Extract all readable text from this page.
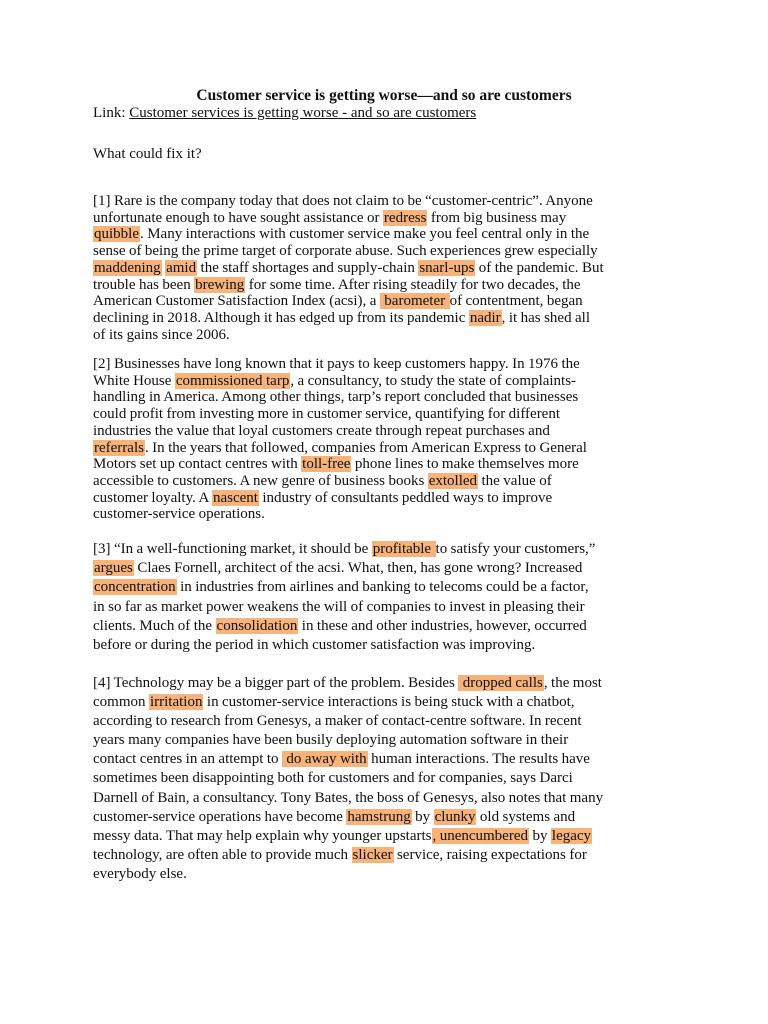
Customer service is getting worse—and so are customers
Link: Customer services is getting worse - and so are customers
What could fix it?
[1] Rare is the company today that does not claim to be “customer-centric”. Anyone
unfortunate enough to have sought assistance or redress from big business may
quibble. Many interactions with customer service make you feel central only in the
sense of being the prime target of corporate abuse. Such experiences grew especially
maddening amid the staff shortages and supply-chain snarl-ups of the pandemic. But
trouble has been brewing for some time. After rising steadily for two decades, the
American Customer Satisfaction Index (acsi), a  barometer of contentment, began
declining in 2018. Although it has edged up from its pandemic nadir, it has shed all
of its gains since 2006.
[2] Businesses have long known that it pays to keep customers happy. In 1976 the
White House commissioned tarp, a consultancy, to study the state of complaints-
handling in America. Among other things, tarp’s report concluded that businesses
could profit from investing more in customer service, quantifying for different
industries the value that loyal customers create through repeat purchases and
referrals. In the years that followed, companies from American Express to General
Motors set up contact centres with toll-free phone lines to make themselves more
accessible to customers. A new genre of business books extolled the value of
customer loyalty. A nascent industry of consultants peddled ways to improve
customer-service operations.
[3] “In a well-functioning market, it should be profitable to satisfy your customers,”
argues Claes Fornell, architect of the acsi. What, then, has gone wrong? Increased
concentration in industries from airlines and banking to telecoms could be a factor,
in so far as market power weakens the will of companies to invest in pleasing their
clients. Much of the consolidation in these and other industries, however, occurred
before or during the period in which customer satisfaction was improving.
[4] Technology may be a bigger part of the problem. Besides  dropped calls, the most
common irritation in customer-service interactions is being stuck with a chatbot,
according to research from Genesys, a maker of contact-centre software. In recent
years many companies have been busily deploying automation software in their
contact centres in an attempt to  do away with human interactions. The results have
sometimes been disappointing both for customers and for companies, says Darci
Darnell of Bain, a consultancy. Tony Bates, the boss of Genesys, also notes that many
customer-service operations have become hamstrung by clunky old systems and
messy data. That may help explain why younger upstarts, unencumbered by legacy
technology, are often able to provide much slicker service, raising expectations for
everybody else.
